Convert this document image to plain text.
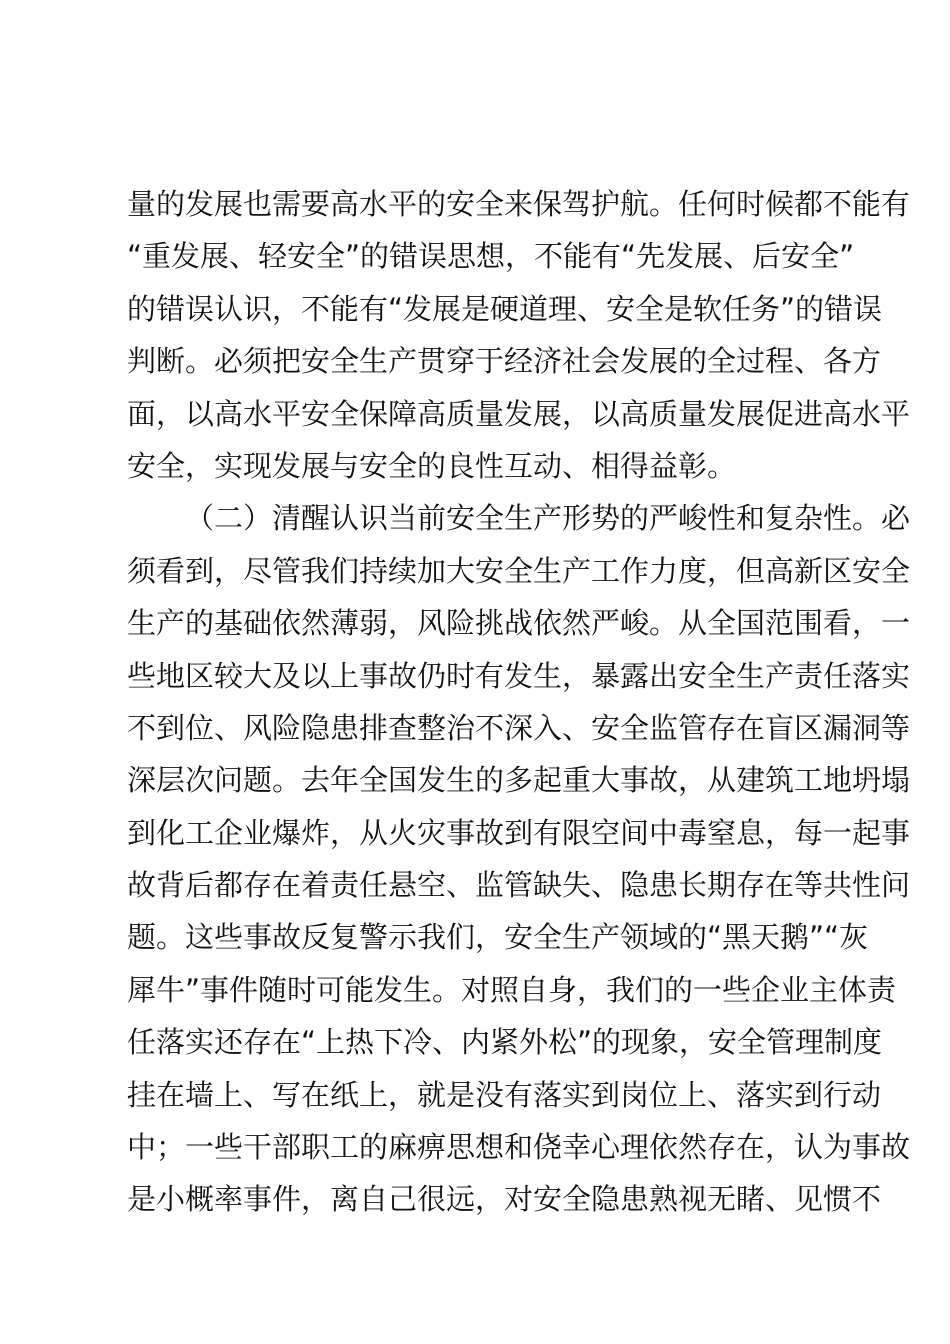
量的发展也需要高水平的安全来保驾护航。任何时候都不能有
“重发展、轻安全”的错误思想，不能有“先发展、后安全”
的错误认识，不能有“发展是硬道理、安全是软任务”的错误
判断。必须把安全生产贯穿于经济社会发展的全过程、各方
面，以高水平安全保障高质量发展，以高质量发展促进高水平
安全，实现发展与安全的良性互动、相得益彰。
（二）清醒认识当前安全生产形势的严峻性和复杂性。必
须看到，尽管我们持续加大安全生产工作力度，但高新区安全
生产的基础依然薄弱，风险挑战依然严峻。从全国范围看，一
些地区较大及以上事故仍时有发生，暴露出安全生产责任落实
不到位、风险隐患排查整治不深入、安全监管存在盲区漏洞等
深层次问题。去年全国发生的多起重大事故，从建筑工地坍塌
到化工企业爆炸，从火灾事故到有限空间中毒窒息，每一起事
故背后都存在着责任悬空、监管缺失、隐患长期存在等共性问
题。这些事故反复警示我们，安全生产领域的“黑天鹅”“灰
犀牛”事件随时可能发生。对照自身，我们的一些企业主体责
任落实还存在“上热下冷、内紧外松”的现象，安全管理制度
挂在墙上、写在纸上，就是没有落实到岗位上、落实到行动
中；一些干部职工的麻痹思想和侥幸心理依然存在，认为事故
是小概率事件，离自己很远，对安全隐患熟视无睹、见惯不
